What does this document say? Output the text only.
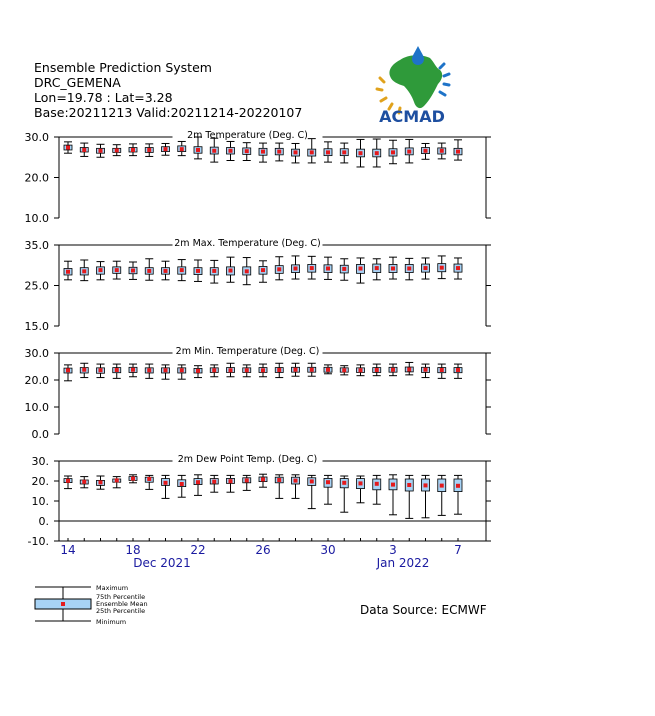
Ensemble Prediction System
DRC_GEMENA
Lon=19.78 : Lat=3.28
Base:20211213 Valid:20211214-20220107	ACMAD
10.0
20.0
30.0	2m Temperature (Deg. C)
15.0
25.0
35.0	2m Max. Temperature (Deg. C)
0.0
10.0
20.0
30.0	2m Min. Temperature (Deg. C)
-10.
0.
10.
20.
30.	2m Dew Point Temp. (Deg. C)
14	18	22	26	30	3	7
Dec 2021	Jan 2022
Maximum
75th Percentile
Ensemble Mean
25th Percentile
Minimum
Data Source: ECMWF
